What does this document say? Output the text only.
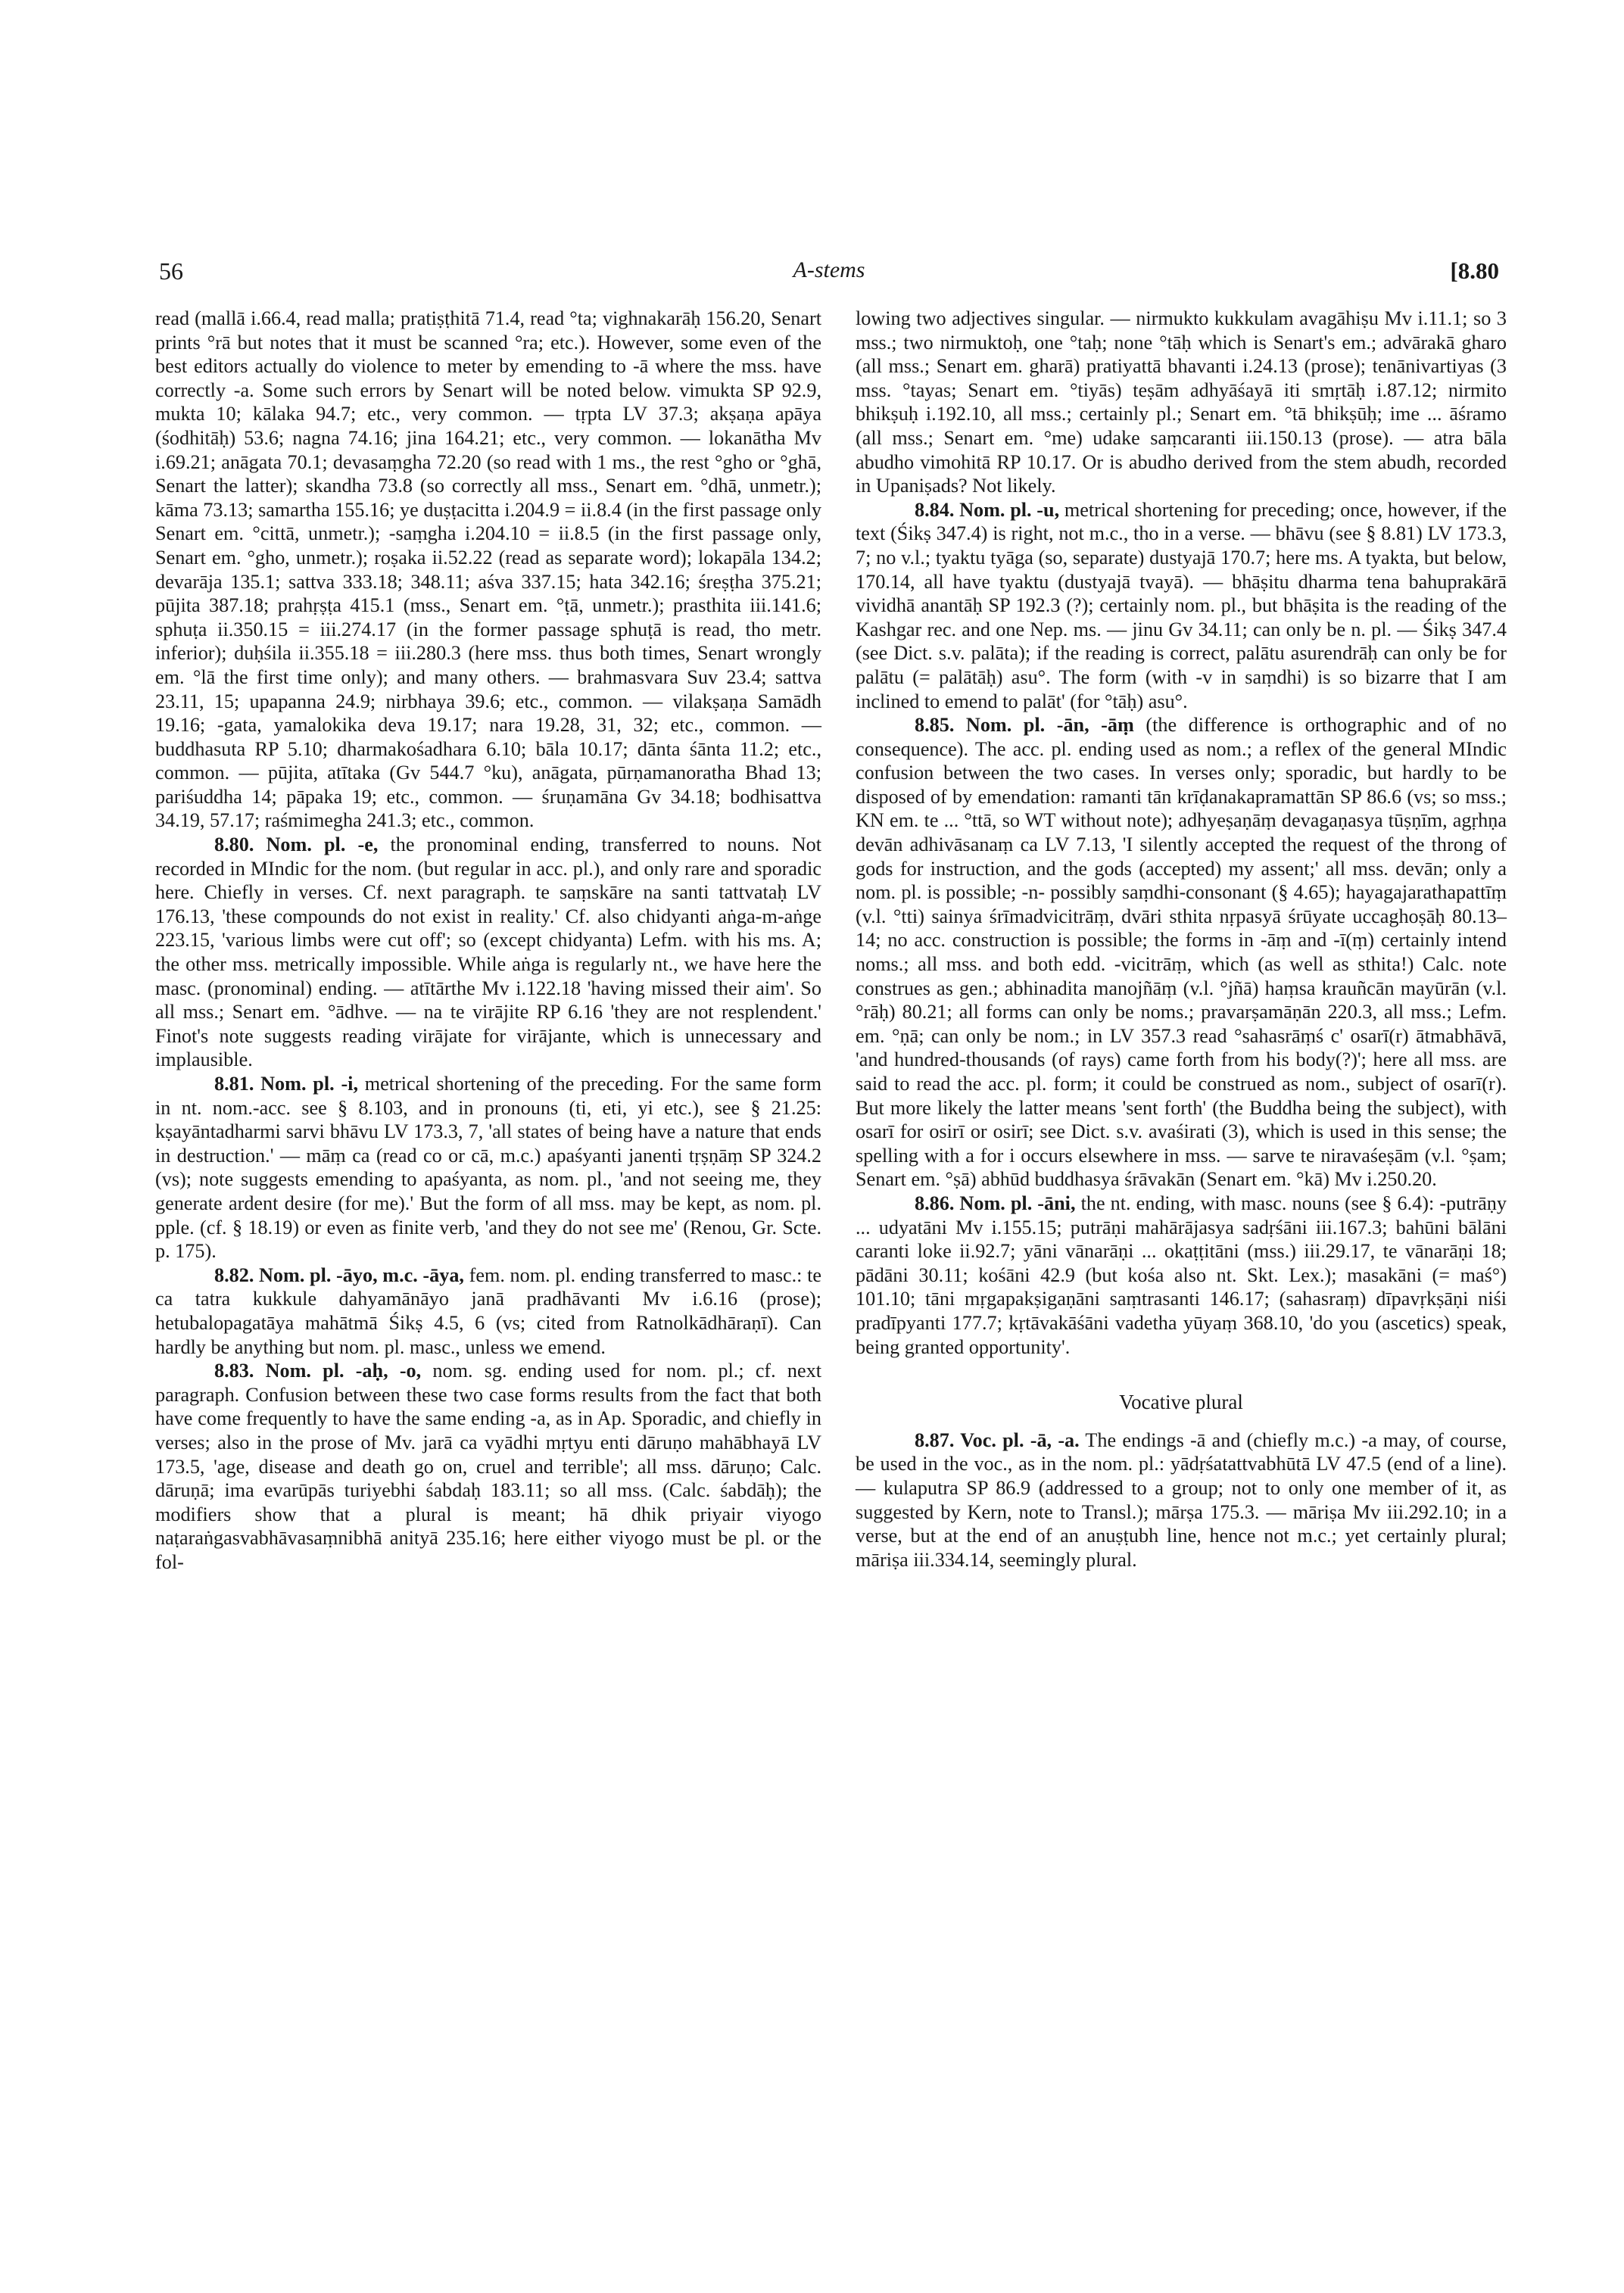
56	A-stems	[8.80

read (mallā i.66.4, read malla; pratiṣṭhitā 71.4, read °ta; vighnakarāḥ 156.20, Senart prints °rā but notes that it must be scanned °ra; etc.). However, some even of the best editors actually do violence to meter by emending to -ā where the mss. have correctly -a. Some such errors by Senart will be noted below. vimukta SP 92.9, mukta 10; kālaka 94.7; etc., very common. — tṛpta LV 37.3; akṣaṇa apāya (śodhitāḥ) 53.6; nagna 74.16; jina 164.21; etc., very common. — lokanātha Mv i.69.21; anāgata 70.1; devasaṃgha 72.20 (so read with 1 ms., the rest °gho or °ghā, Senart the latter); skandha 73.8 (so correctly all mss., Senart em. °dhā, unmetr.); kāma 73.13; samartha 155.16; ye duṣṭacitta i.204.9 = ii.8.4 (in the first passage only Senart em. °cittā, unmetr.); -saṃgha i.204.10 = ii.8.5 (in the first passage only, Senart em. °gho, unmetr.); roṣaka ii.52.22 (read as separate word); lokapāla 134.2; devarāja 135.1; sattva 333.18; 348.11; aśva 337.15; hata 342.16; śreṣṭha 375.21; pūjita 387.18; prahṛṣṭa 415.1 (mss., Senart em. °ṭā, unmetr.); prasthita iii.141.6; sphuṭa ii.350.15 = iii.274.17 (in the former passage sphuṭā is read, tho metr. inferior); duḥśila ii.355.18 = iii.280.3 (here mss. thus both times, Senart wrongly em. °lā the first time only); and many others. — brahmasvara Suv 23.4; sattva 23.11, 15; upapanna 24.9; nirbhaya 39.6; etc., common. — vilakṣaṇa Samādh 19.16; -gata, yamalokika deva 19.17; nara 19.28, 31, 32; etc., common. — buddhasuta RP 5.10; dharmakośadhara 6.10; bāla 10.17; dānta śānta 11.2; etc., common. — pūjita, atītaka (Gv 544.7 °ku), anāgata, pūrṇamanoratha Bhad 13; pariśuddha 14; pāpaka 19; etc., common. — śruṇamāna Gv 34.18; bodhisattva 34.19, 57.17; raśmimegha 241.3; etc., common.

8.80. Nom. pl. -e, the pronominal ending, transferred to nouns. Not recorded in MIndic for the nom. (but regular in acc. pl.), and only rare and sporadic here. Chiefly in verses. Cf. next paragraph. te saṃskāre na santi tattvataḥ LV 176.13, 'these compounds do not exist in reality.' Cf. also chidyanti aṅga-m-aṅge 223.15, 'various limbs were cut off'; so (except chidyanta) Lefm. with his ms. A; the other mss. metrically impossible. While aṅga is regularly nt., we have here the masc. (pronominal) ending. — atītārthe Mv i.122.18 'having missed their aim'. So all mss.; Senart em. °ādhve. — na te virājite RP 6.16 'they are not resplendent.' Finot's note suggests reading virājate for virājante, which is unnecessary and implausible.

8.81. Nom. pl. -i, metrical shortening of the preceding. For the same form in nt. nom.-acc. see § 8.103, and in pronouns (ti, eti, yi etc.), see § 21.25: kṣayāntadharmi sarvi bhāvu LV 173.3, 7, 'all states of being have a nature that ends in destruction.' — māṃ ca (read co or cā, m.c.) apaśyanti janenti tṛṣṇāṃ SP 324.2 (vs); note suggests emending to apaśyanta, as nom. pl., 'and not seeing me, they generate ardent desire (for me).' But the form of all mss. may be kept, as nom. pl. pple. (cf. § 18.19) or even as finite verb, 'and they do not see me' (Renou, Gr. Scte. p. 175).

8.82. Nom. pl. -āyo, m.c. -āya, fem. nom. pl. ending transferred to masc.: te ca tatra kukkule dahyamānāyo janā pradhāvanti Mv i.6.16 (prose); hetubalopagatāya mahātmā Śikṣ 4.5, 6 (vs; cited from Ratnolkādhāraṇī). Can hardly be anything but nom. pl. masc., unless we emend.

8.83. Nom. pl. -aḥ, -o, nom. sg. ending used for nom. pl.; cf. next paragraph. Confusion between these two case forms results from the fact that both have come frequently to have the same ending -a, as in Ap. Sporadic, and chiefly in verses; also in the prose of Mv. jarā ca vyādhi mṛtyu enti dāruṇo mahābhayā LV 173.5, 'age, disease and death go on, cruel and terrible'; all mss. dāruṇo; Calc. dāruṇā; ima evarūpās turiyebhi śabdaḥ 183.11; so all mss. (Calc. śabdāḥ); the modifiers show that a plural is meant; hā dhik priyair viyogo naṭaraṅgasvabhāvasaṃnibhā anityā 235.16; here either viyogo must be pl. or the fol-

lowing two adjectives singular. — nirmukto kukkulam avagāhiṣu Mv i.11.1; so 3 mss.; two nirmuktoḥ, one °taḥ; none °tāḥ which is Senart's em.; advārakā gharo (all mss.; Senart em. gharā) pratiyattā bhavanti i.24.13 (prose); tenānivartiyas (3 mss. °tayas; Senart em. °tiyās) teṣām adhyāśayā iti smṛtāḥ i.87.12; nirmito bhikṣuḥ i.192.10, all mss.; certainly pl.; Senart em. °tā bhikṣūḥ; ime ... āśramo (all mss.; Senart em. °me) udake saṃcaranti iii.150.13 (prose). — atra bāla abudho vimohitā RP 10.17. Or is abudho derived from the stem abudh, recorded in Upaniṣads? Not likely.

8.84. Nom. pl. -u, metrical shortening for preceding; once, however, if the text (Śikṣ 347.4) is right, not m.c., tho in a verse. — bhāvu (see § 8.81) LV 173.3, 7; no v.l.; tyaktu tyāga (so, separate) dustyajā 170.7; here ms. A tyakta, but below, 170.14, all have tyaktu (dustyajā tvayā). — bhāṣitu dharma tena bahuprakārā vividhā anantāḥ SP 192.3 (?); certainly nom. pl., but bhāṣita is the reading of the Kashgar rec. and one Nep. ms. — jinu Gv 34.11; can only be n. pl. — Śikṣ 347.4 (see Dict. s.v. palāta); if the reading is correct, palātu asurendrāḥ can only be for palātu (= palātāḥ) asu°. The form (with -v in saṃdhi) is so bizarre that I am inclined to emend to palāt' (for °tāḥ) asu°.

8.85. Nom. pl. -ān, -āṃ (the difference is orthographic and of no consequence). The acc. pl. ending used as nom.; a reflex of the general MIndic confusion between the two cases. In verses only; sporadic, but hardly to be disposed of by emendation: ramanti tān krīḍanakapramattān SP 86.6 (vs; so mss.; KN em. te ... °ttā, so WT without note); adhyeṣaṇāṃ devagaṇasya tūṣṇīm, agṛhṇa devān adhivāsanaṃ ca LV 7.13, 'I silently accepted the request of the throng of gods for instruction, and the gods (accepted) my assent;' all mss. devān; only a nom. pl. is possible; -n- possibly saṃdhi-consonant (§ 4.65); hayagajarathapattīṃ (v.l. °tti) sainya śrīmadvicitrāṃ, dvāri sthita nṛpasyā śrūyate uccaghoṣāḥ 80.13–14; no acc. construction is possible; the forms in -āṃ and -ī(ṃ) certainly intend noms.; all mss. and both edd. -vicitrāṃ, which (as well as sthita!) Calc. note construes as gen.; abhinadita manojñāṃ (v.l. °jñā) haṃsa krauñcān mayūrān (v.l. °rāḥ) 80.21; all forms can only be noms.; pravarṣamāṇān 220.3, all mss.; Lefm. em. °ṇā; can only be nom.; in LV 357.3 read °sahasrāṃś c' osarī(r) ātmabhāvā, 'and hundred-thousands (of rays) came forth from his body(?)'; here all mss. are said to read the acc. pl. form; it could be construed as nom., subject of osarī(r). But more likely the latter means 'sent forth' (the Buddha being the subject), with osarī for osirī or osirī; see Dict. s.v. avaśirati (3), which is used in this sense; the spelling with a for i occurs elsewhere in mss. — sarve te niravaśeṣām (v.l. °ṣam; Senart em. °ṣā) abhūd buddhasya śrāvakān (Senart em. °kā) Mv i.250.20.

8.86. Nom. pl. -āni, the nt. ending, with masc. nouns (see § 6.4): -putrāṇy ... udyatāni Mv i.155.15; putrāṇi mahārājasya sadṛśāni iii.167.3; bahūni bālāni caranti loke ii.92.7; yāni vānarāṇi ... okaṭṭitāni (mss.) iii.29.17, te vānarāṇi 18; pādāni 30.11; kośāni 42.9 (but kośa also nt. Skt. Lex.); masakāni (= maś°) 101.10; tāni mṛgapakṣigaṇāni saṃtrasanti 146.17; (sahasraṃ) dīpavṛkṣāṇi niśi pradīpyanti 177.7; kṛtāvakāśāni vadetha yūyaṃ 368.10, 'do you (ascetics) speak, being granted opportunity'.

Vocative plural

8.87. Voc. pl. -ā, -a. The endings -ā and (chiefly m.c.) -a may, of course, be used in the voc., as in the nom. pl.: yādṛśatattvabhūtā LV 47.5 (end of a line). — kulaputra SP 86.9 (addressed to a group; not to only one member of it, as suggested by Kern, note to Transl.); mārṣa 175.3. — māriṣa Mv iii.292.10; in a verse, but at the end of an anuṣṭubh line, hence not m.c.; yet certainly plural; māriṣa iii.334.14, seemingly plural.
